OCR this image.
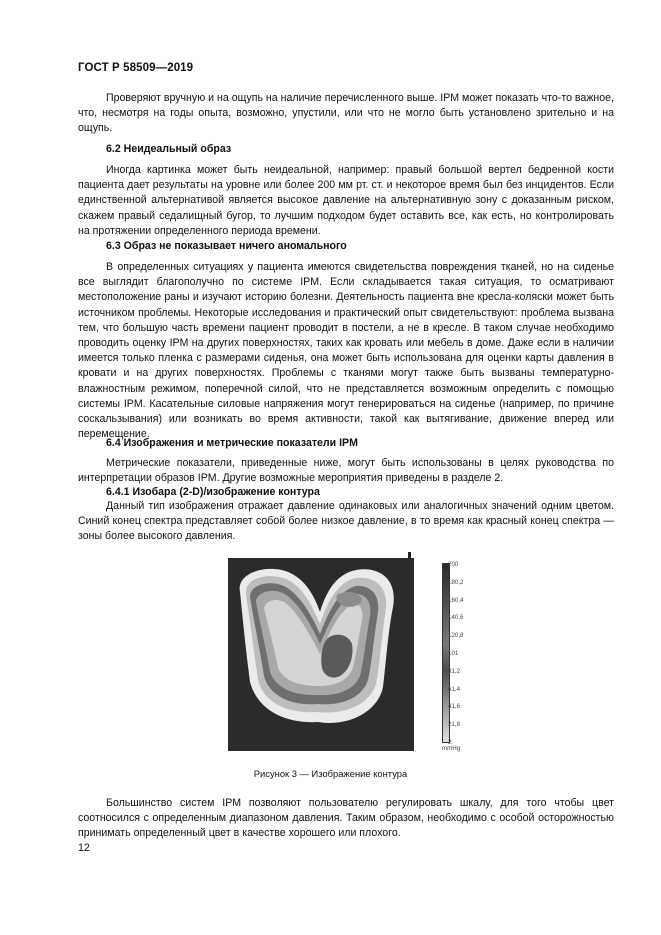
ГОСТ Р 58509—2019

Проверяют вручную и на ощупь на наличие перечисленного выше. IPM может показать что-то важное, что, несмотря на годы опыта, возможно, упустили, или что не могло быть установлено зрительно и на ощупь.

6.2 Неидеальный образ

Иногда картинка может быть неидеальной, например: правый большой вертел бедренной кости пациента дает результаты на уровне или более 200 мм рт. ст. и некоторое время был без инцидентов. Если единственной альтернативой является высокое давление на альтернативную зону с доказанным риском, скажем правый седалищный бугор, то лучшим подходом будет оставить все, как есть, но контролировать на протяжении определенного периода времени.

6.3 Образ не показывает ничего аномального

В определенных ситуациях у пациента имеются свидетельства повреждения тканей, но на сиденье все выглядит благополучно по системе IPM. Если складывается такая ситуация, то осматривают местоположение раны и изучают историю болезни. Деятельность пациента вне кресла-коляски может быть источником проблемы. Некоторые исследования и практический опыт свидетельствуют: проблема вызвана тем, что большую часть времени пациент проводит в постели, а не в кресле. В таком случае необходимо проводить оценку IPM на других поверхностях, таких как кровать или мебель в доме. Даже если в наличии имеется только пленка с размерами сиденья, она может быть использована для оценки карты давления в кровати и на других поверхностях. Проблемы с тканями могут также быть вызваны температурно-влажностным режимом, поперечной силой, что не представляется возможным определить с помощью системы IPM. Касательные силовые напряжения могут генерироваться на сиденье (например, по причине соскальзывания) или возникать во время активности, такой как вытягивание, движение вперед или перемещение.

6.4 Изображения и метрические показатели IPM

Метрические показатели, приведенные ниже, могут быть использованы в целях руководства по интерпретации образов IPM. Другие возможные мероприятия приведены в разделе 2.

6.4.1 Изобара (2-D)/изображение контура

Данный тип изображения отражает давление одинаковых или аналогичных значений одним цветом. Синий конец спектра представляет собой более низкое давление, в то время как красный конец спектра —зоны более высокого давления.

200
180,2
160,4
140,6
120,8
101
81,2
61,4
41,6
21,8
2
mmHg
Рисунок 3 — Изображение контура

Большинство систем IPM позволяют пользователю регулировать шкалу, для того чтобы цвет соотносился с определенным диапазоном давления. Таким образом, необходимо с особой осторожностью принимать определенный цвет в качестве хорошего или плохого.

12
